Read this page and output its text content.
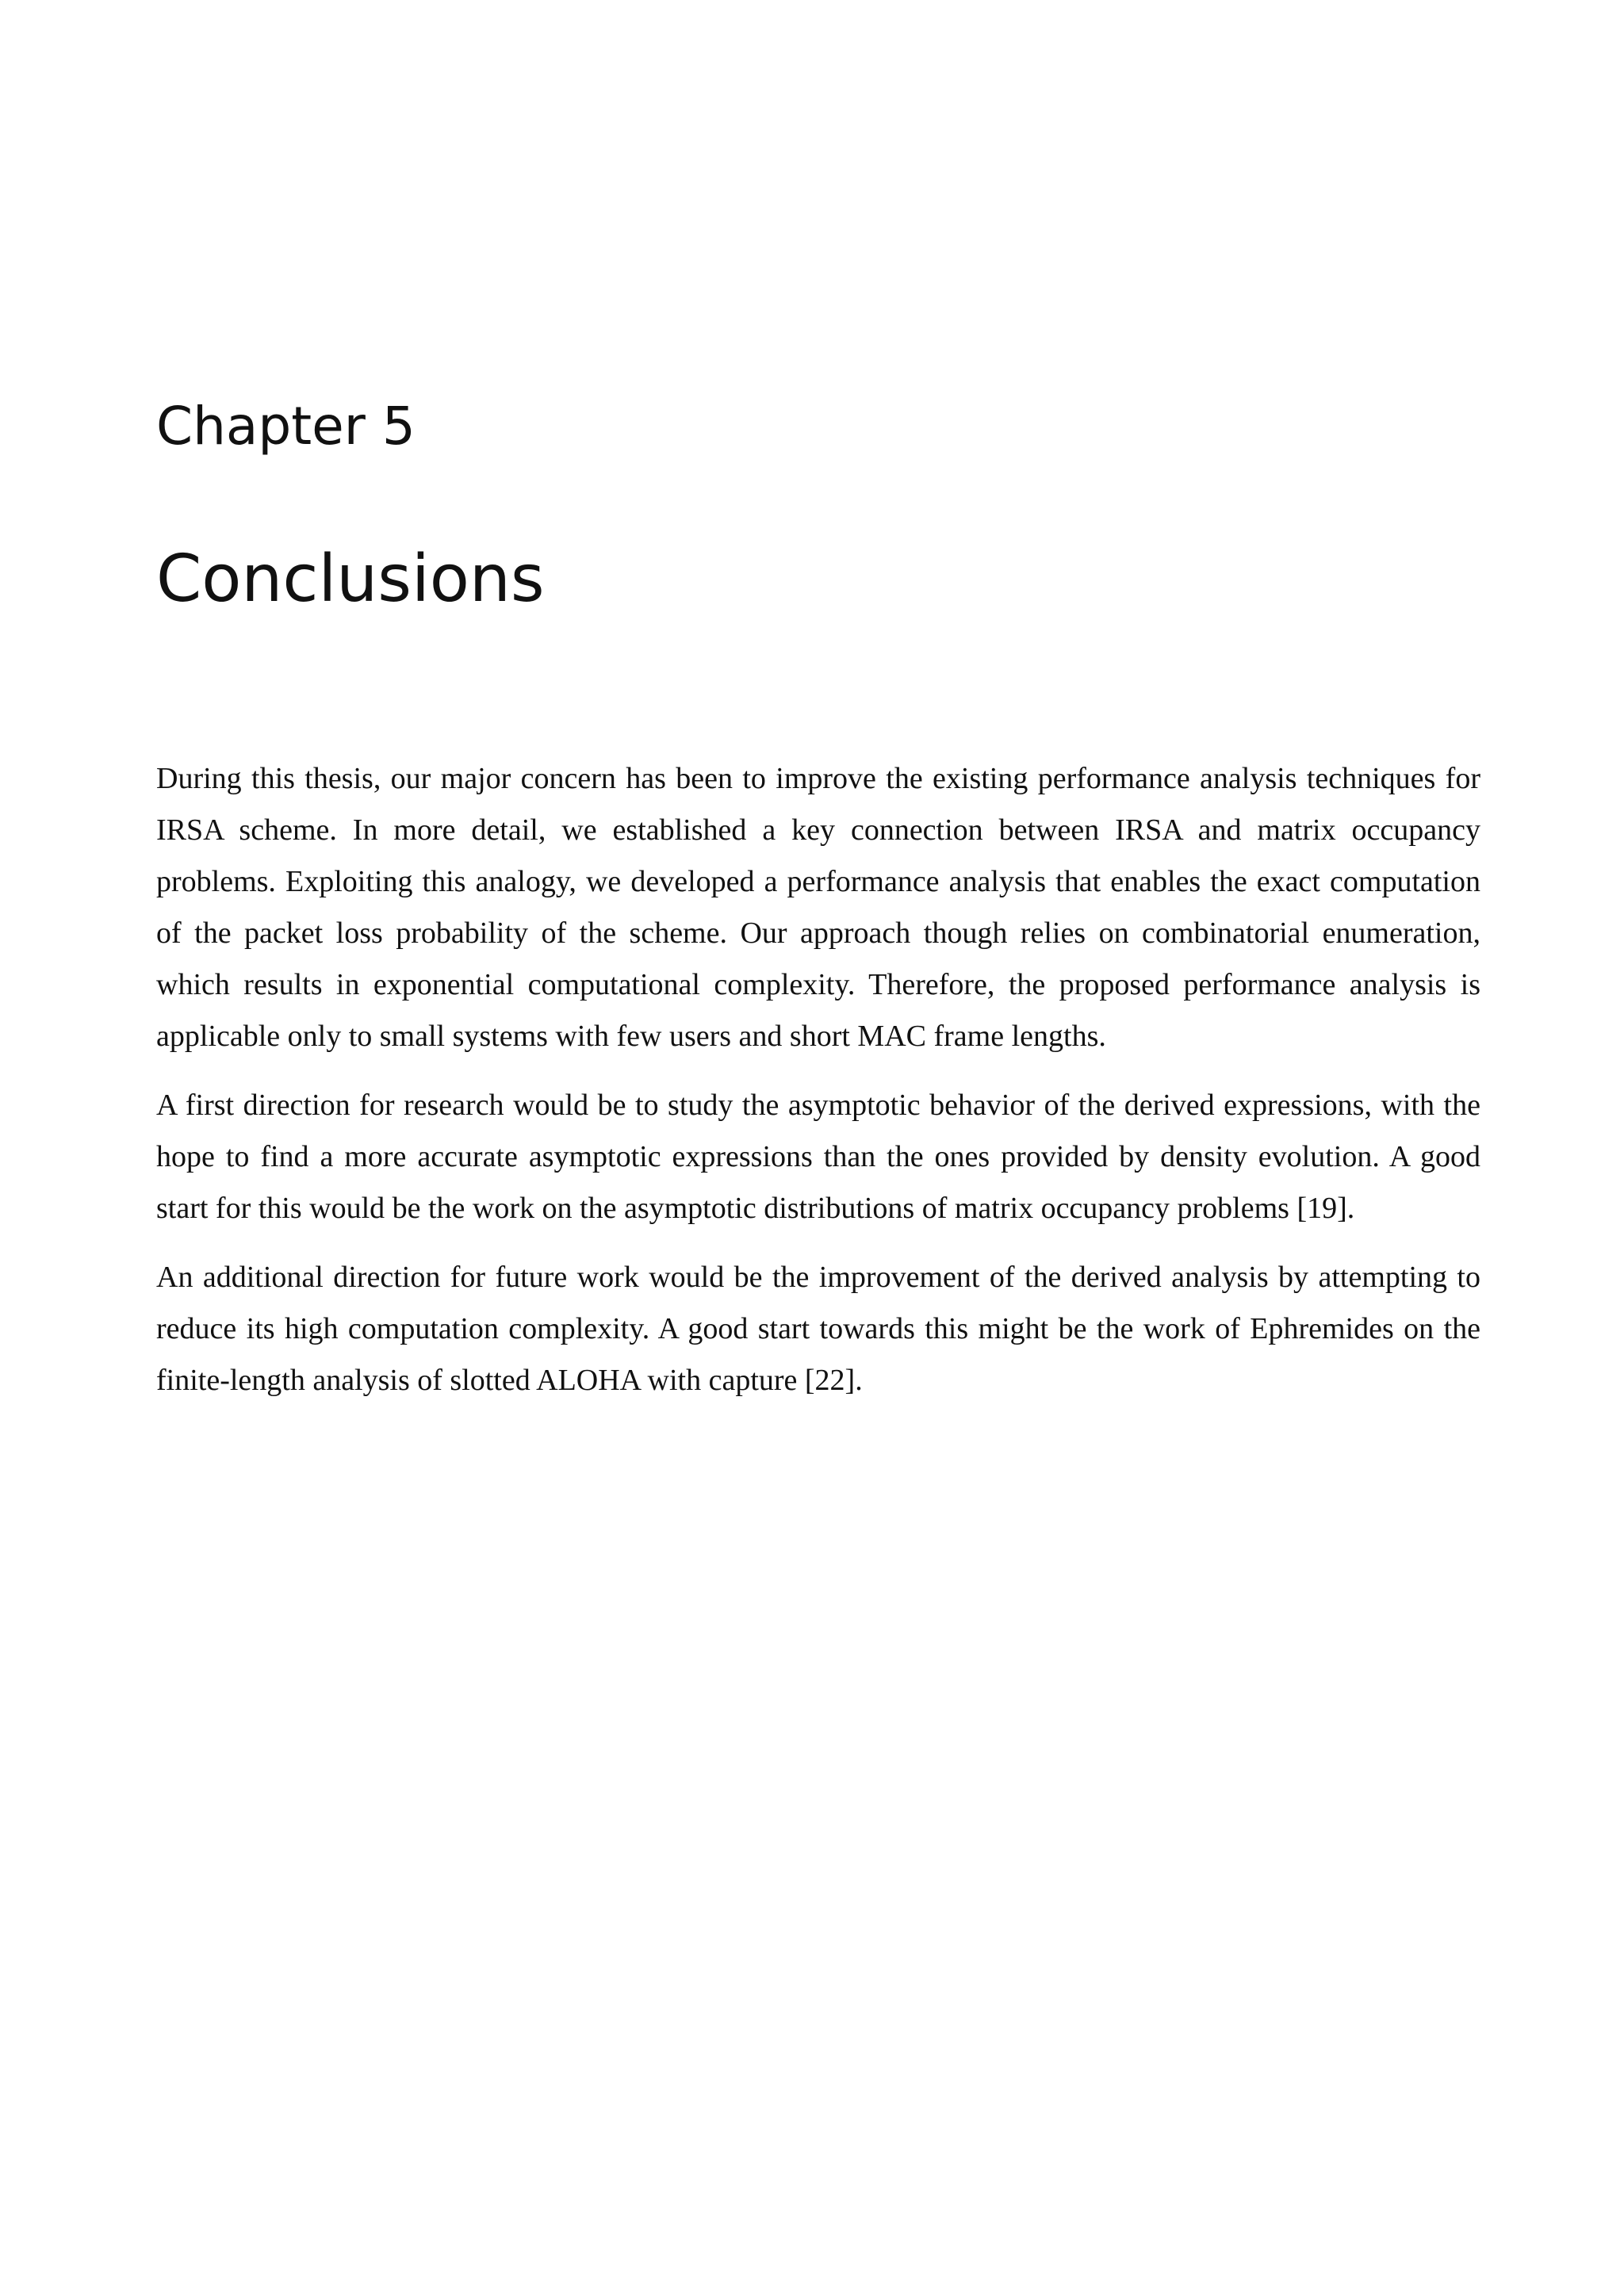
Chapter 5
Conclusions

During this thesis, our major concern has been to improve the existing performance analysis techniques for IRSA scheme. In more detail, we established a key connection between IRSA and matrix occupancy problems. Exploiting this analogy, we developed a performance analysis that enables the exact computation of the packet loss probability of the scheme. Our approach though relies on combinatorial enumeration, which results in exponential computational complexity. Therefore, the proposed performance analysis is applicable only to small systems with few users and short MAC frame lengths.

A first direction for research would be to study the asymptotic behavior of the derived expressions, with the hope to find a more accurate asymptotic expressions than the ones provided by density evolution. A good start for this would be the work on the asymptotic distributions of matrix occupancy problems [19].

An additional direction for future work would be the improvement of the derived analysis by attempting to reduce its high computation complexity. A good start towards this might be the work of Ephremides on the finite-length analysis of slotted ALOHA with capture [22].
